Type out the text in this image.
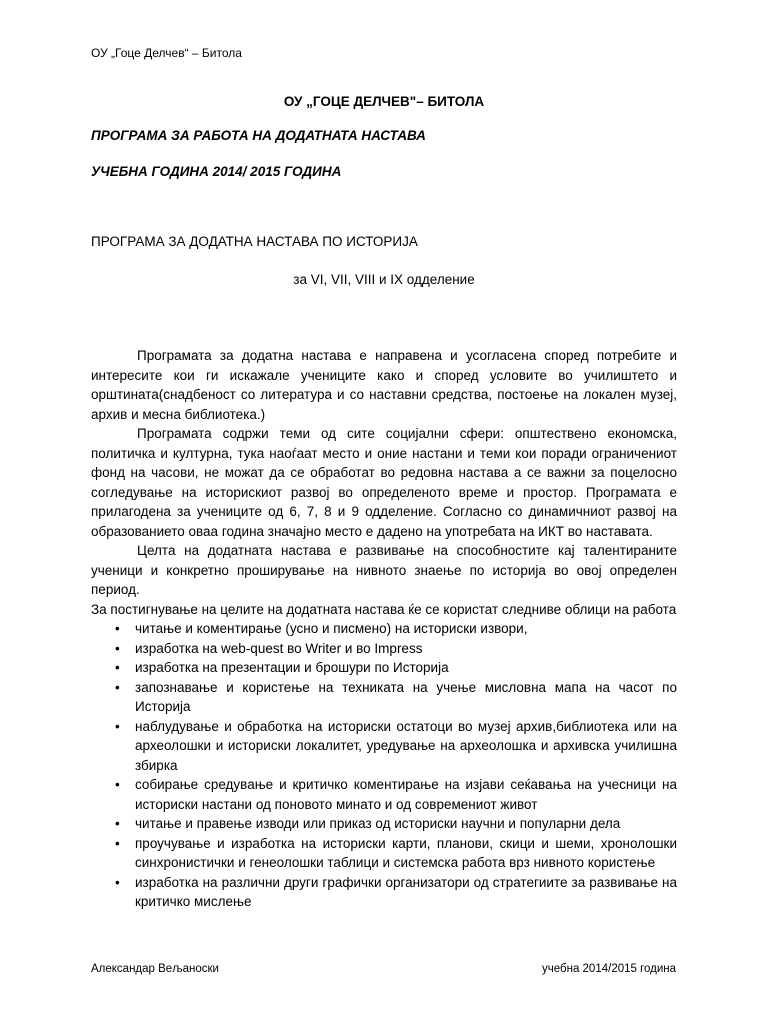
ОУ „Гоце Делчев“ – Битола
ОУ „ГОЦЕ ДЕЛЧЕВ"– БИТОЛА
ПРОГРАМА ЗА РАБОТА НА ДОДАТНАТА НАСТАВА
УЧЕБНА ГОДИНА 2014/ 2015 ГОДИНА
ПРОГРАМА ЗА ДОДАТНА НАСТАВА ПО ИСТОРИЈА
за VI, VII, VIII и IX одделение

Програмата за додатна настава е направена и усогласена според потребите и интересите кои ги искажале учениците како и според условите во училиштето и орштината(снадбеност со литература и со наставни средства, постоење на локален музеј, архив и месна библиотека.)

Програмата содржи теми од сите социјални сфери: општествено економска, политичка и културна, тука наоѓаат место и оние настани и теми кои поради ограничениот фонд на часови, не можат да се обработат во редовна настава а се важни за поцелосно согледување на историскиот развој во определеното време и простор. Програмата е прилагодена за учениците од 6, 7, 8 и 9 одделение. Согласно со динамичниот развој на образованието оваа година значајно место е дадено на употребата на ИКТ во наставата.

Целта на додатната настава е развивање на способностите кај талентираните ученици и конкретно проширување на нивното знаење по историја во овој определен период.

За постигнување на целите на додатната настава ќе се користат следниве облици на работа

• читање и коментирање (усно и писмено) на историски извори,
• изработка на web-quest во Writer и во Impress
• изработка на презентации и брошури по Историја
• запознавање и користење на техниката на учење мисловна мапа на часот по Историја
• наблудување и обработка на историски остатоци во музеј архив,библиотека или на археолошки и историски локалитет, уредување на археолошка и архивска училишна збирка
• собирање средување и критичко коментирање на изјави сеќавања на учесници на историски настани од поновото минато и од современиот живот
• читање и правење изводи или приказ од историски научни и популарни дела
• проучување и изработка на историски карти, планови, скици и шеми, хронолошки синхронистички и генеолошки таблици и системска работа врз нивното користење
• изработка на различни други графички организатори од стратегиите за развивање на критичко мислење
Александар Вељаноски	учебна 2014/2015 година
